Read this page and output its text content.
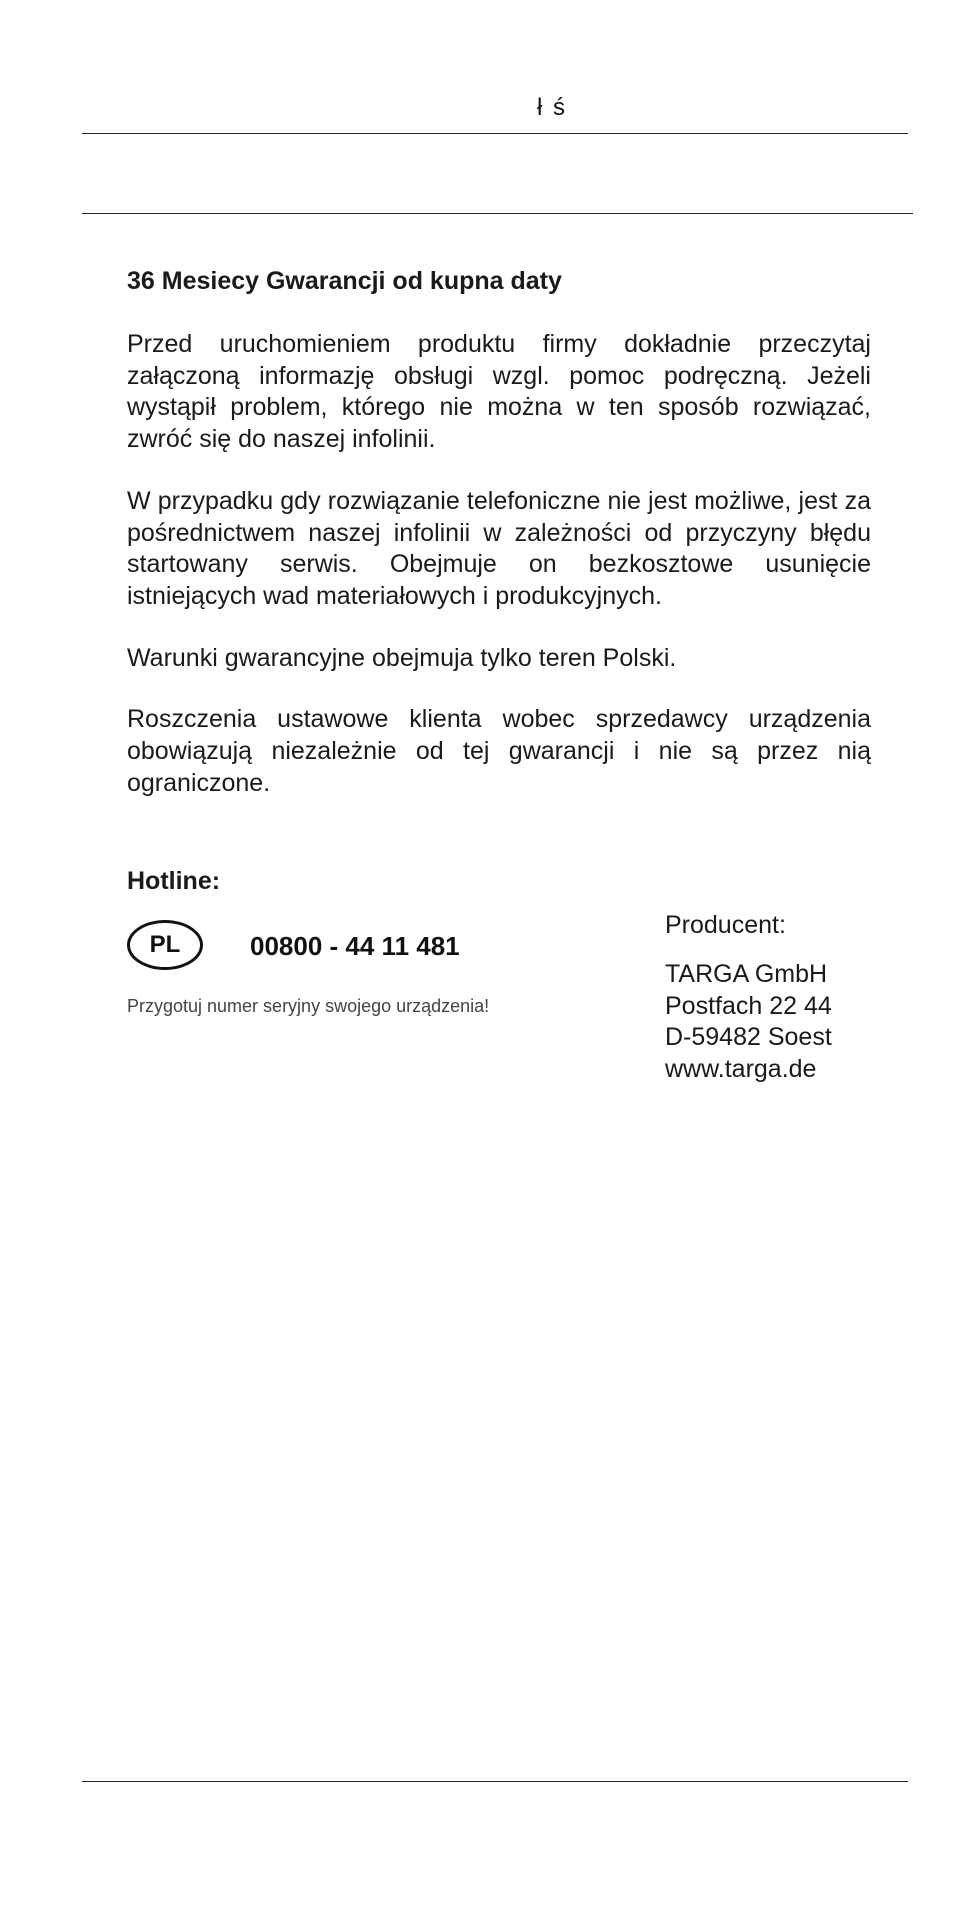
ł ś

36 Mesiecy Gwarancji od kupna daty

Przed uruchomieniem produktu firmy dokładnie przeczytaj załączoną informazję obsługi wzgl. pomoc podręczną. Jeżeli wystąpił problem, którego nie można w ten sposób rozwiązać, zwróć się do naszej infolinii.

W przypadku gdy rozwiązanie telefoniczne nie jest możliwe, jest za pośrednictwem naszej infolinii w zależności od przyczyny błędu startowany serwis. Obejmuje on bezkosztowe usunięcie istniejących wad materiałowych i produkcyjnych.

Warunki gwarancyjne obejmuja tylko teren Polski.

Roszczenia ustawowe klienta wobec sprzedawcy urządzenia obowiązują niezależnie od tej gwarancji i nie są przez nią ograniczone.

Hotline:

PL	00800 - 44 11 481
Przygotuj numer seryjny swojego urządzenia!

Producent:

TARGA GmbH

Postfach 22 44

D-59482 Soest

www.targa.de
